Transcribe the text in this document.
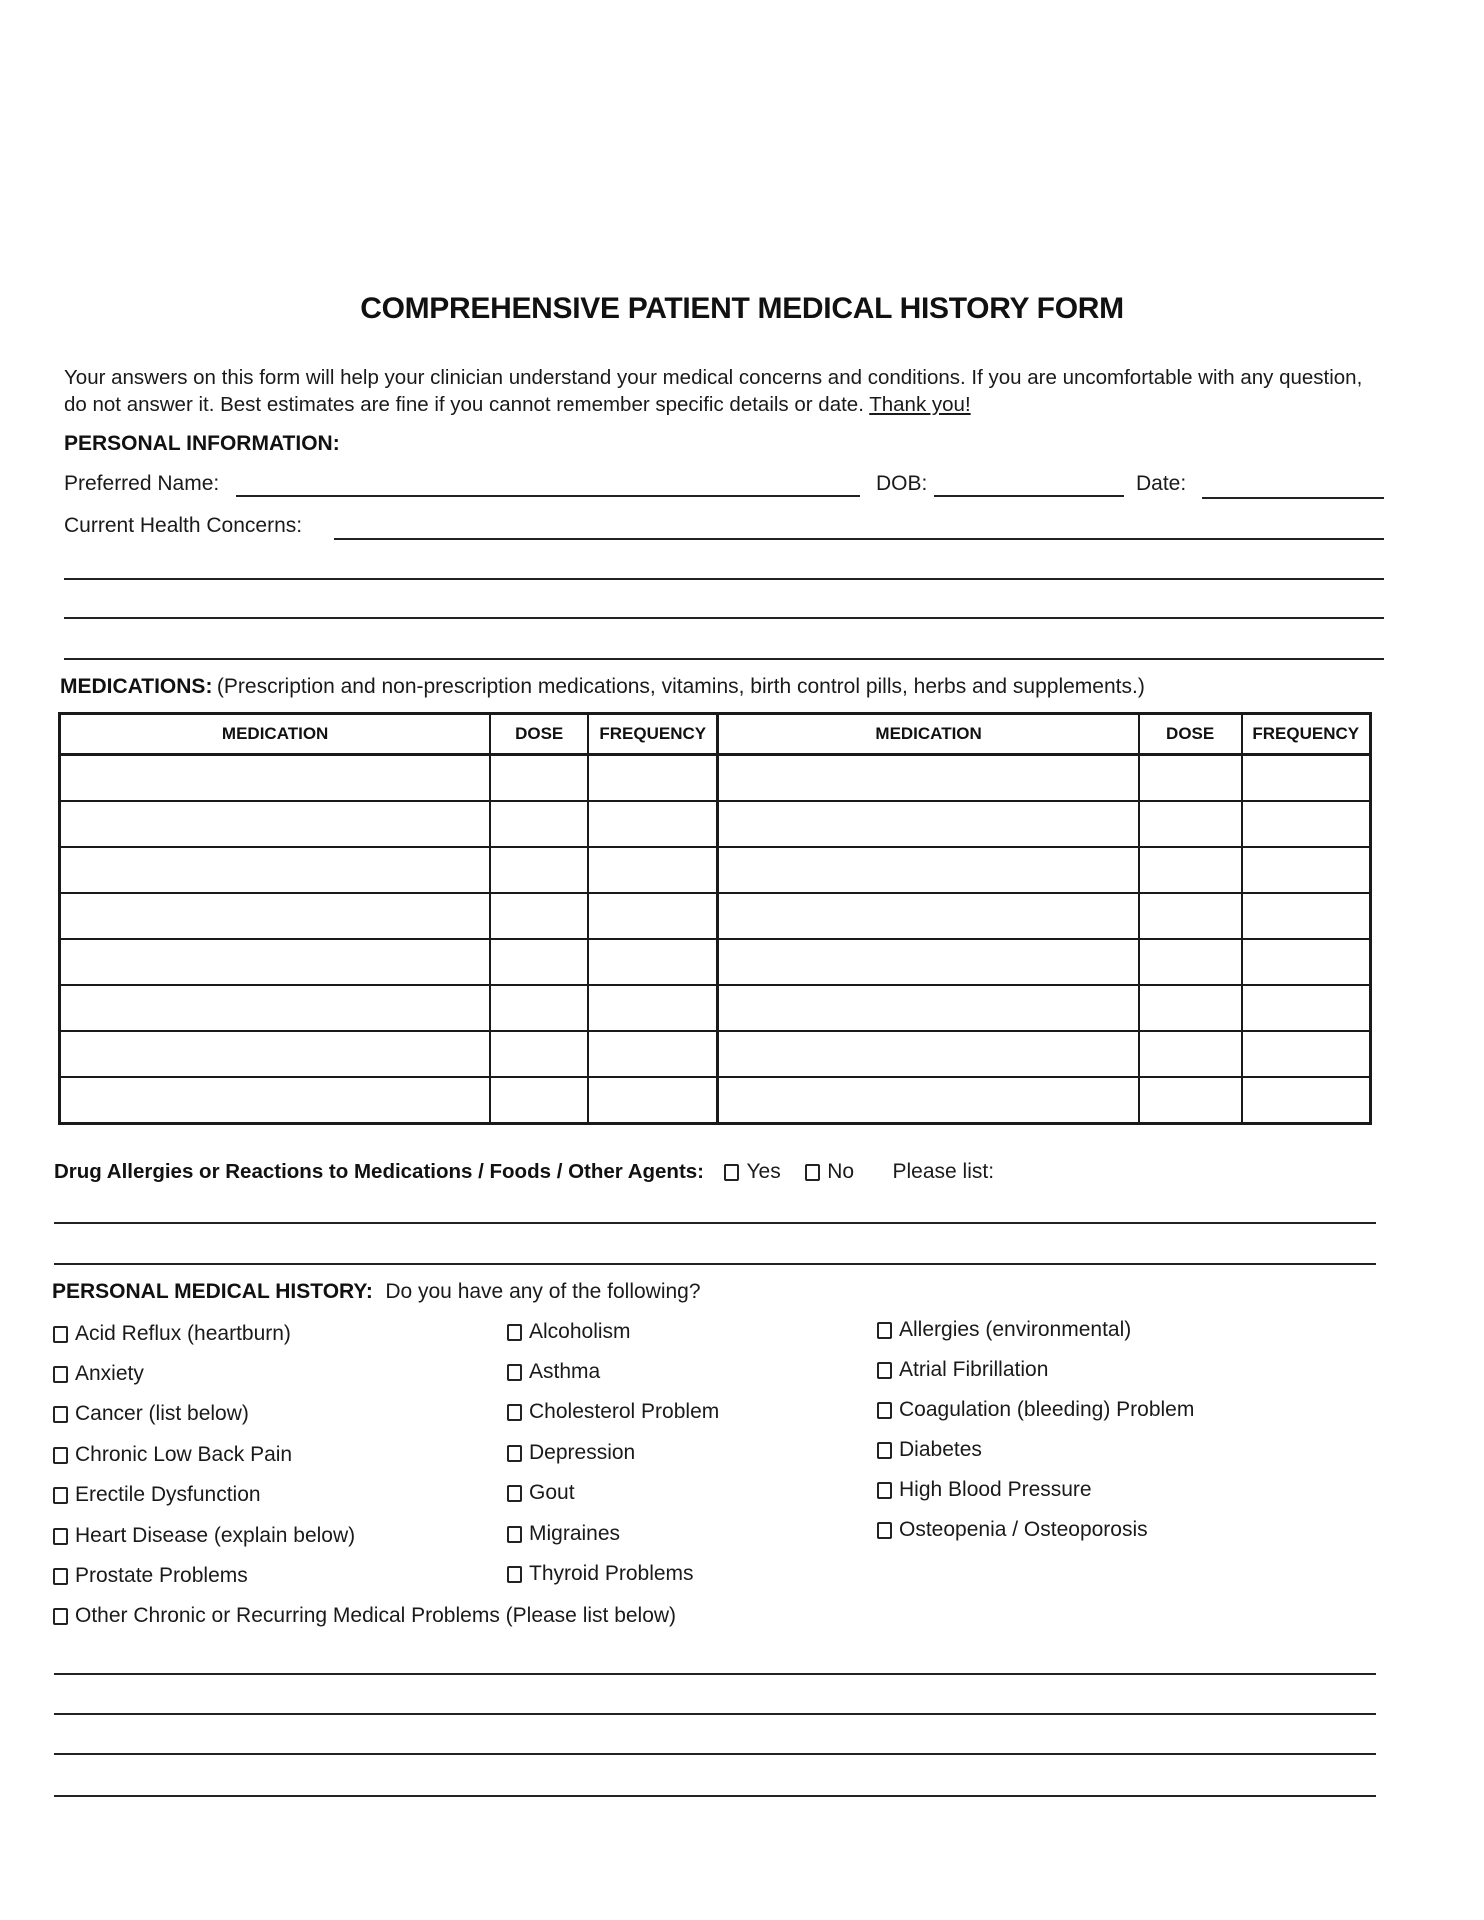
COMPREHENSIVE PATIENT MEDICAL HISTORY FORM
Your answers on this form will help your clinician understand your medical concerns and conditions. If you are uncomfortable with any question, do not answer it. Best estimates are fine if you cannot remember specific details or date. Thank you!
PERSONAL INFORMATION:
Preferred Name:	DOB:	Date:
Current Health Concerns:
MEDICATIONS: (Prescription and non-prescription medications, vitamins, birth control pills, herbs and supplements.)
MEDICATION	DOSE	FREQUENCY	MEDICATION	DOSE	FREQUENCY

Drug Allergies or Reactions to Medications / Foods / Other Agents: Yes No Please list:
PERSONAL MEDICAL HISTORY: Do you have any of the following?
Acid Reflux (heartburn)
Anxiety
Cancer (list below)
Chronic Low Back Pain
Erectile Dysfunction
Heart Disease (explain below)
Prostate Problems
Alcoholism
Asthma
Cholesterol Problem
Depression
Gout
Migraines
Thyroid Problems
Allergies (environmental)
Atrial Fibrillation
Coagulation (bleeding) Problem
Diabetes
High Blood Pressure
Osteopenia / Osteoporosis
Other Chronic or Recurring Medical Problems (Please list below)
